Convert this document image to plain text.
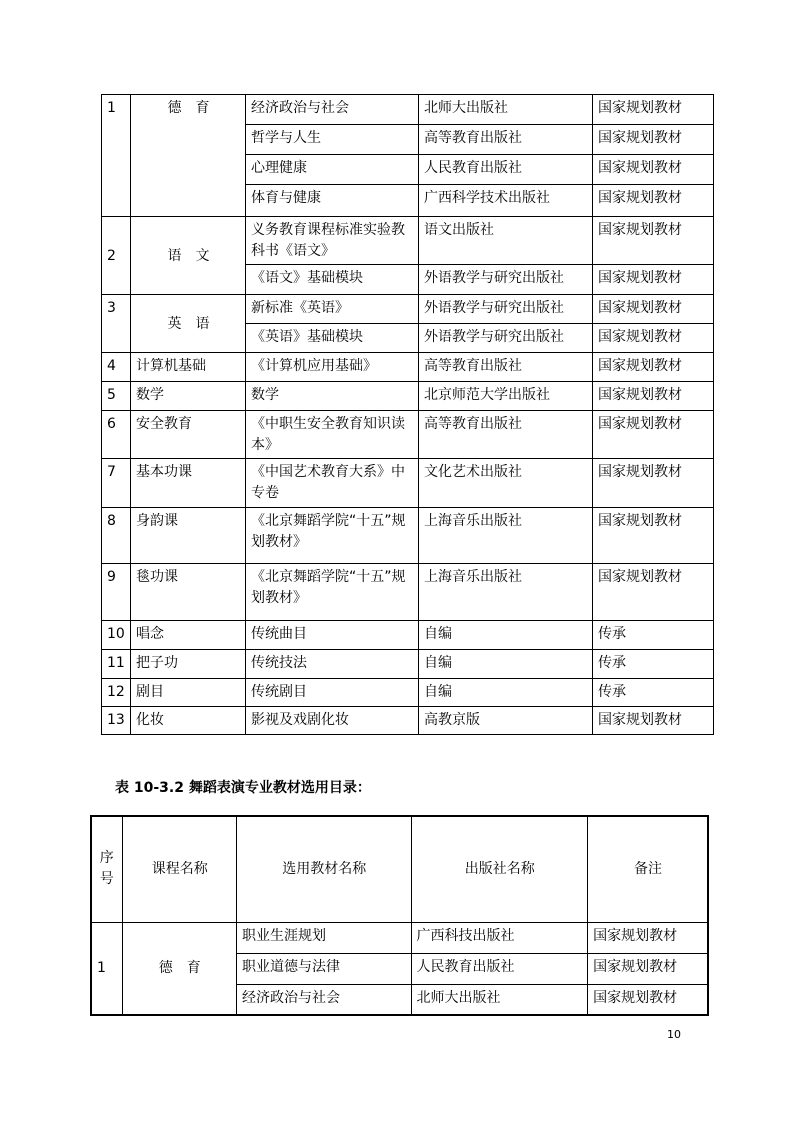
1	德　育	经济政治与社会	北师大出版社	国家规划教材
		哲学与人生	高等教育出版社	国家规划教材
		心理健康	人民教育出版社	国家规划教材
		体育与健康	广西科学技术出版社	国家规划教材
2	语　文	义务教育课程标准实验教科书《语文》	语文出版社	国家规划教材
		《语文》基础模块	外语教学与研究出版社	国家规划教材
3	英　语	新标准《英语》	外语教学与研究出版社	国家规划教材
		《英语》基础模块	外语教学与研究出版社	国家规划教材
4	计算机基础	《计算机应用基础》	高等教育出版社	国家规划教材
5	数学	数学	北京师范大学出版社	国家规划教材
6	安全教育	《中职生安全教育知识读本》	高等教育出版社	国家规划教材
7	基本功课	《中国艺术教育大系》中专卷	文化艺术出版社	国家规划教材
8	身韵课	《北京舞蹈学院“十五”规划教材》	上海音乐出版社	国家规划教材
9	毯功课	《北京舞蹈学院“十五”规划教材》	上海音乐出版社	国家规划教材
10	唱念	传统曲目	自编	传承
11	把子功	传统技法	自编	传承
12	剧目	传统剧目	自编	传承
13	化妆	影视及戏剧化妆	高教京版	国家规划教材
表 10-3.2 舞蹈表演专业教材选用目录：
序号	课程名称	选用教材名称	出版社名称	备注
1	德　育	职业生涯规划	广西科技出版社	国家规划教材
		职业道德与法律	人民教育出版社	国家规划教材
		经济政治与社会	北师大出版社	国家规划教材
10
